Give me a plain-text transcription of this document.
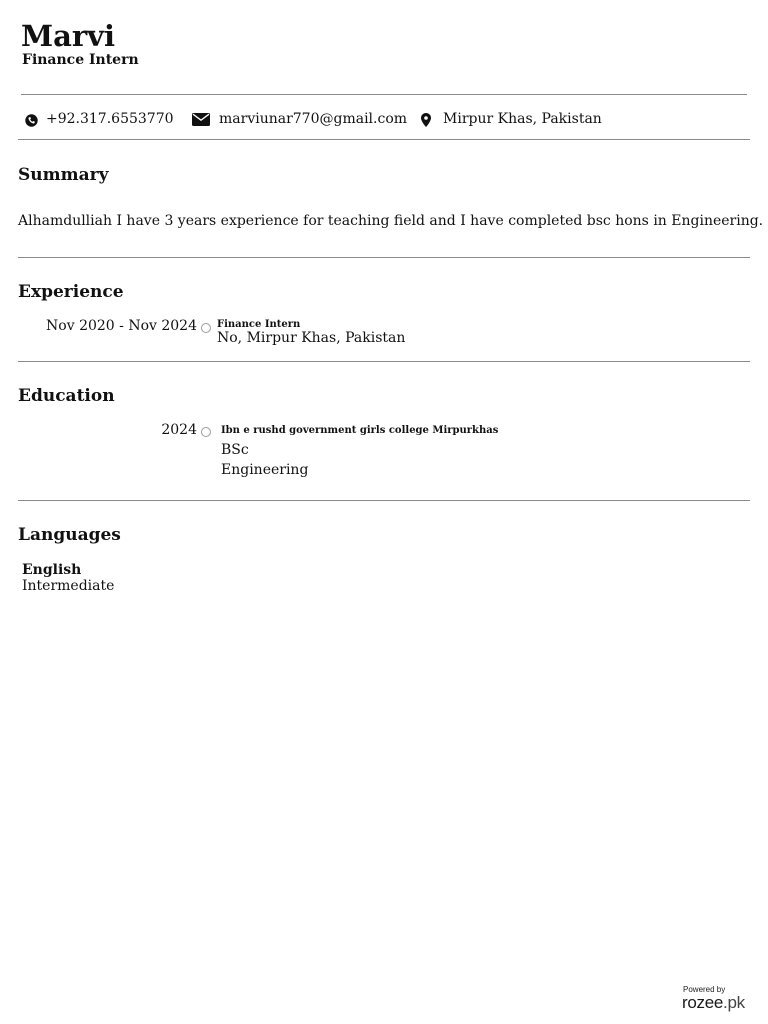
Marvi
Finance Intern
+92.317.6553770	marviunar770@gmail.com	Mirpur Khas, Pakistan
Summary
Alhamdulliah I have 3 years experience for teaching field and I have completed bsc hons in Engineering.
Experience
Nov 2020 - Nov 2024 Finance Intern
No, Mirpur Khas, Pakistan
Education
2024 Ibn e rushd government girls college Mirpurkhas
BSc
Engineering
Languages
English
Intermediate
Powered by
rozee.pk
